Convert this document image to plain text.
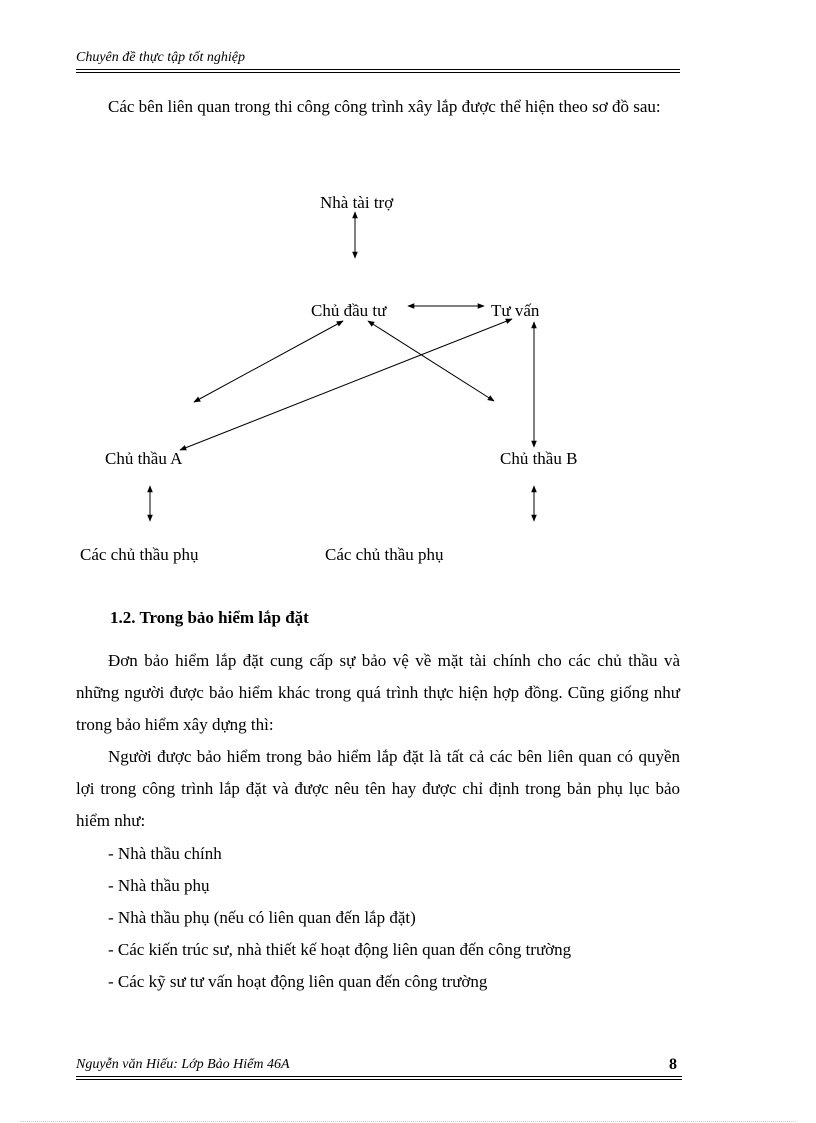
Chuyên đề thực tập tốt nghiệp
Các bên liên quan trong thi công công trình xây lắp được thể hiện theo sơ đồ sau:
Nhà tài trợ
Chủ đầu tư	Tư vấn
Chủ thầu A	Chủ thầu B
Các chủ thầu phụ	Các chủ thầu phụ
1.2. Trong bảo hiểm lắp đặt
Đơn bảo hiểm lắp đặt cung cấp sự bảo vệ về mặt tài chính cho các chủ thầu và những người được bảo hiểm khác trong quá trình thực hiện hợp đồng. Cũng giống như trong bảo hiểm xây dựng thì:
Người được bảo hiểm trong bảo hiểm lắp đặt là tất cả các bên liên quan có quyền lợi trong công trình lắp đặt và được nêu tên hay được chỉ định trong bản phụ lục bảo hiểm như:
- Nhà thầu chính
- Nhà thầu phụ
- Nhà thầu phụ (nếu có liên quan đến lắp đặt)
- Các kiến trúc sư, nhà thiết kế hoạt động liên quan đến công trường
- Các kỹ sư tư vấn hoạt động liên quan đến công trường
Nguyễn văn Hiếu: Lớp Bảo Hiểm 46A	8
